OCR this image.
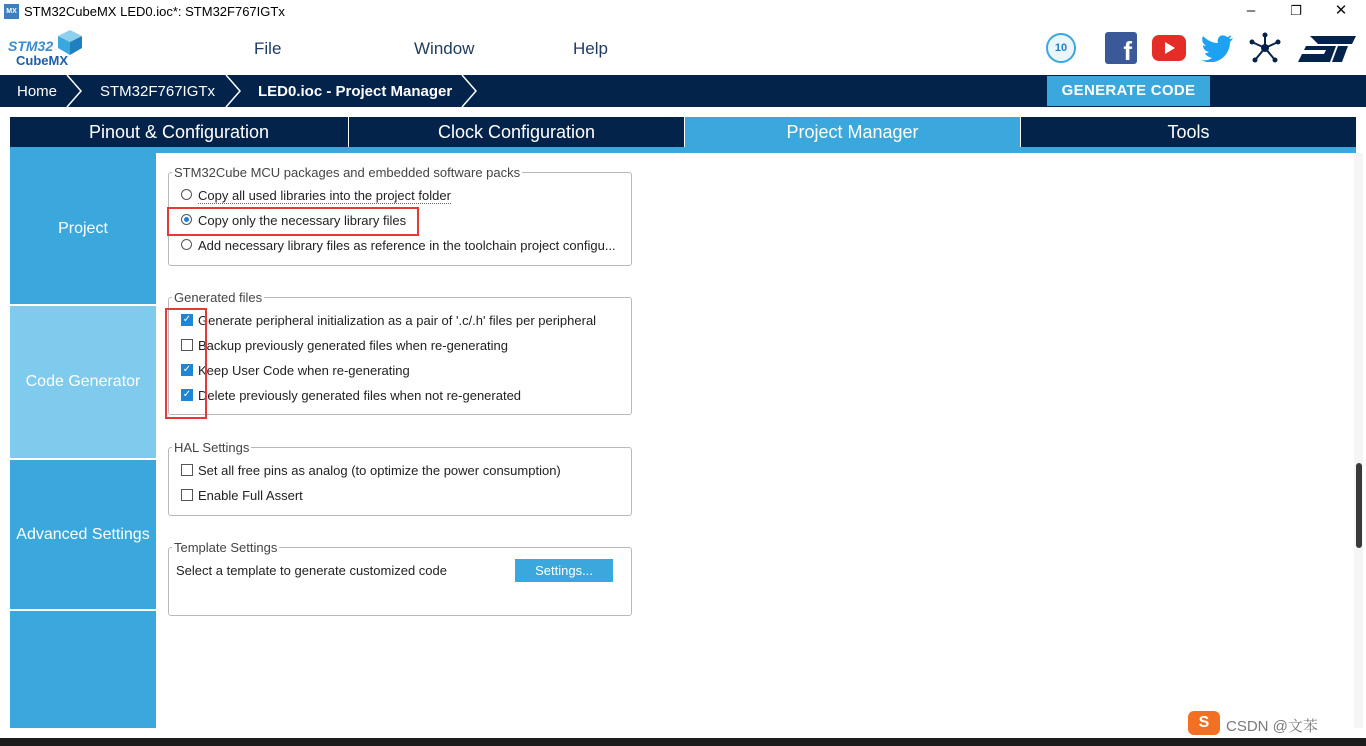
MX STM32CubeMX LED0.ioc*: STM32F767IGTx	–	❐	✕
STM32
CubeMX
File	Window	Help	10	f
Home	STM32F767IGTx	LED0.ioc - Project Manager	GENERATE CODE
Pinout & Configuration	Clock Configuration	Project Manager	Tools
Project
Code Generator
Advanced Settings
STM32Cube MCU packages and embedded software packs
Copy all used libraries into the project folder
Copy only the necessary library files
Add necessary library files as reference in the toolchain project configu...
Generated files
✓ Generate peripheral initialization as a pair of '.c/.h' files per peripheral
Backup previously generated files when re-generating
✓ Keep User Code when re-generating
✓ Delete previously generated files when not re-generated
HAL Settings
Set all free pins as analog (to optimize the power consumption)
Enable Full Assert
Template Settings
Select a template to generate customized code	Settings...
S	CSDN @文苯
